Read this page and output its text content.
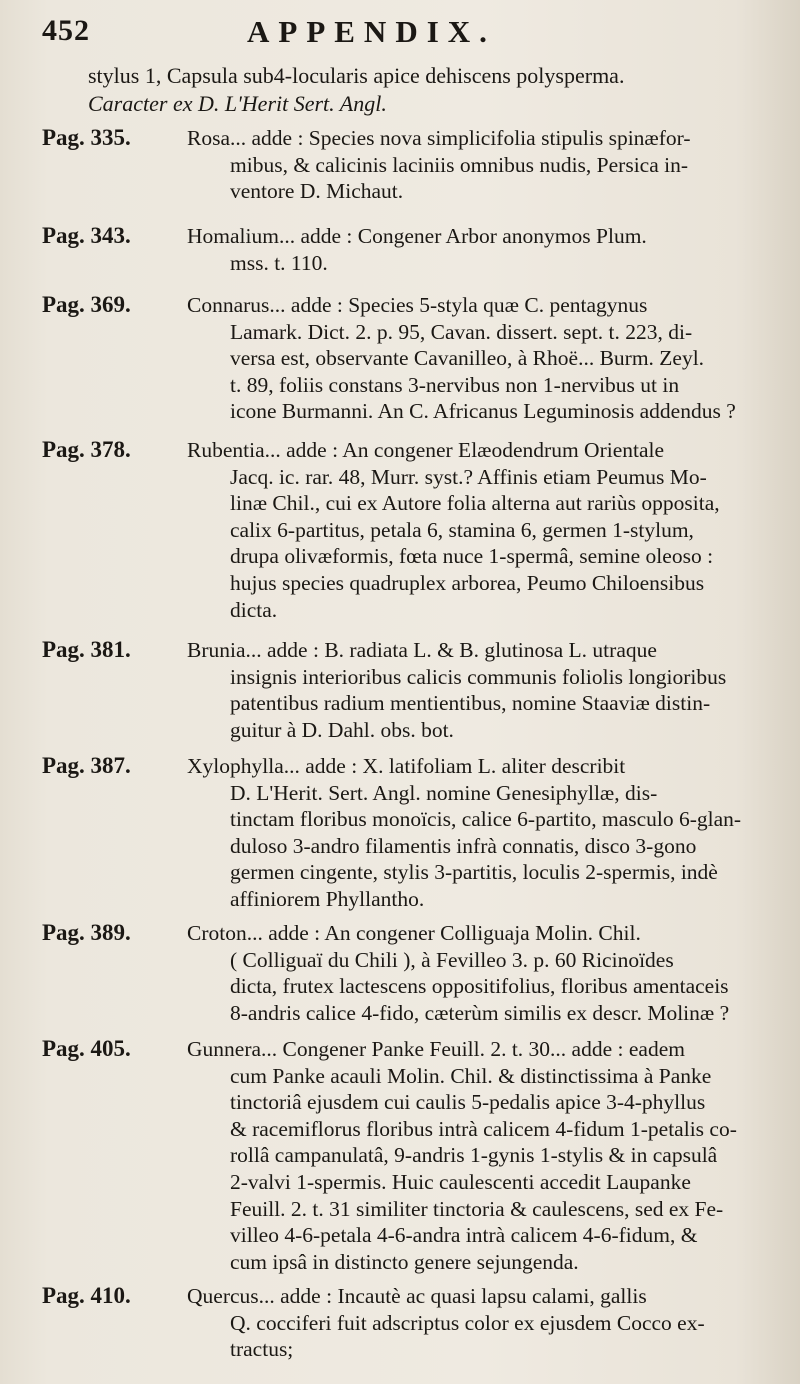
452	APPENDIX.
stylus 1, Capsula sub4-locularis apice dehiscens polysperma.
Caracter ex D. L'Herit Sert. Angl.
Pag. 335.	Rosa... adde : Species nova simplicifolia stipulis spinæfor-
mibus, & calicinis laciniis omnibus nudis, Persica in-
ventore D. Michaut.
Pag. 343.	Homalium... adde : Congener Arbor anonymos Plum.
mss. t. 110.
Pag. 369.	Connarus... adde : Species 5-styla quæ C. pentagynus
Lamark. Dict. 2. p. 95, Cavan. dissert. sept. t. 223, di-
versa est, observante Cavanilleo, à Rhoë... Burm. Zeyl.
t. 89, foliis constans 3-nervibus non 1-nervibus ut in
icone Burmanni. An C. Africanus Leguminosis addendus ?
Pag. 378.	Rubentia... adde : An congener Elæodendrum Orientale
Jacq. ic. rar. 48, Murr. syst.? Affinis etiam Peumus Mo-
linæ Chil., cui ex Autore folia alterna aut rariùs opposita,
calix 6-partitus, petala 6, stamina 6, germen 1-stylum,
drupa olivæformis, fœta nuce 1-spermâ, semine oleoso :
hujus species quadruplex arborea, Peumo Chiloensibus
dicta.
Pag. 381.	Brunia... adde : B. radiata L. & B. glutinosa L. utraque
insignis interioribus calicis communis foliolis longioribus
patentibus radium mentientibus, nomine Staaviæ distin-
guitur à D. Dahl. obs. bot.
Pag. 387.	Xylophylla... adde : X. latifoliam L. aliter describit
D. L'Herit. Sert. Angl. nomine Genesiphyllæ, dis-
tinctam floribus monoïcis, calice 6-partito, masculo 6-glan-
duloso 3-andro filamentis infrà connatis, disco 3-gono
germen cingente, stylis 3-partitis, loculis 2-spermis, indè
affiniorem Phyllantho.
Pag. 389.	Croton... adde : An congener Colliguaja Molin. Chil.
( Colliguaï du Chili ), à Fevilleo 3. p. 60 Ricinoïdes
dicta, frutex lactescens oppositifolius, floribus amentaceis
8-andris calice 4-fido, cæterùm similis ex descr. Molinæ ?
Pag. 405.	Gunnera... Congener Panke Feuill. 2. t. 30... adde : eadem
cum Panke acauli Molin. Chil. & distinctissima à Panke
tinctoriâ ejusdem cui caulis 5-pedalis apice 3-4-phyllus
& racemiflorus floribus intrà calicem 4-fidum 1-petalis co-
rollâ campanulatâ, 9-andris 1-gynis 1-stylis & in capsulâ
2-valvi 1-spermis. Huic caulescenti accedit Laupanke
Feuill. 2. t. 31 similiter tinctoria & caulescens, sed ex Fe-
villeo 4-6-petala 4-6-andra intrà calicem 4-6-fidum, &
cum ipsâ in distincto genere sejungenda.
Pag. 410.	Quercus... adde : Incautè ac quasi lapsu calami, gallis
Q. cocciferi fuit adscriptus color ex ejusdem Cocco ex-
tractus;
